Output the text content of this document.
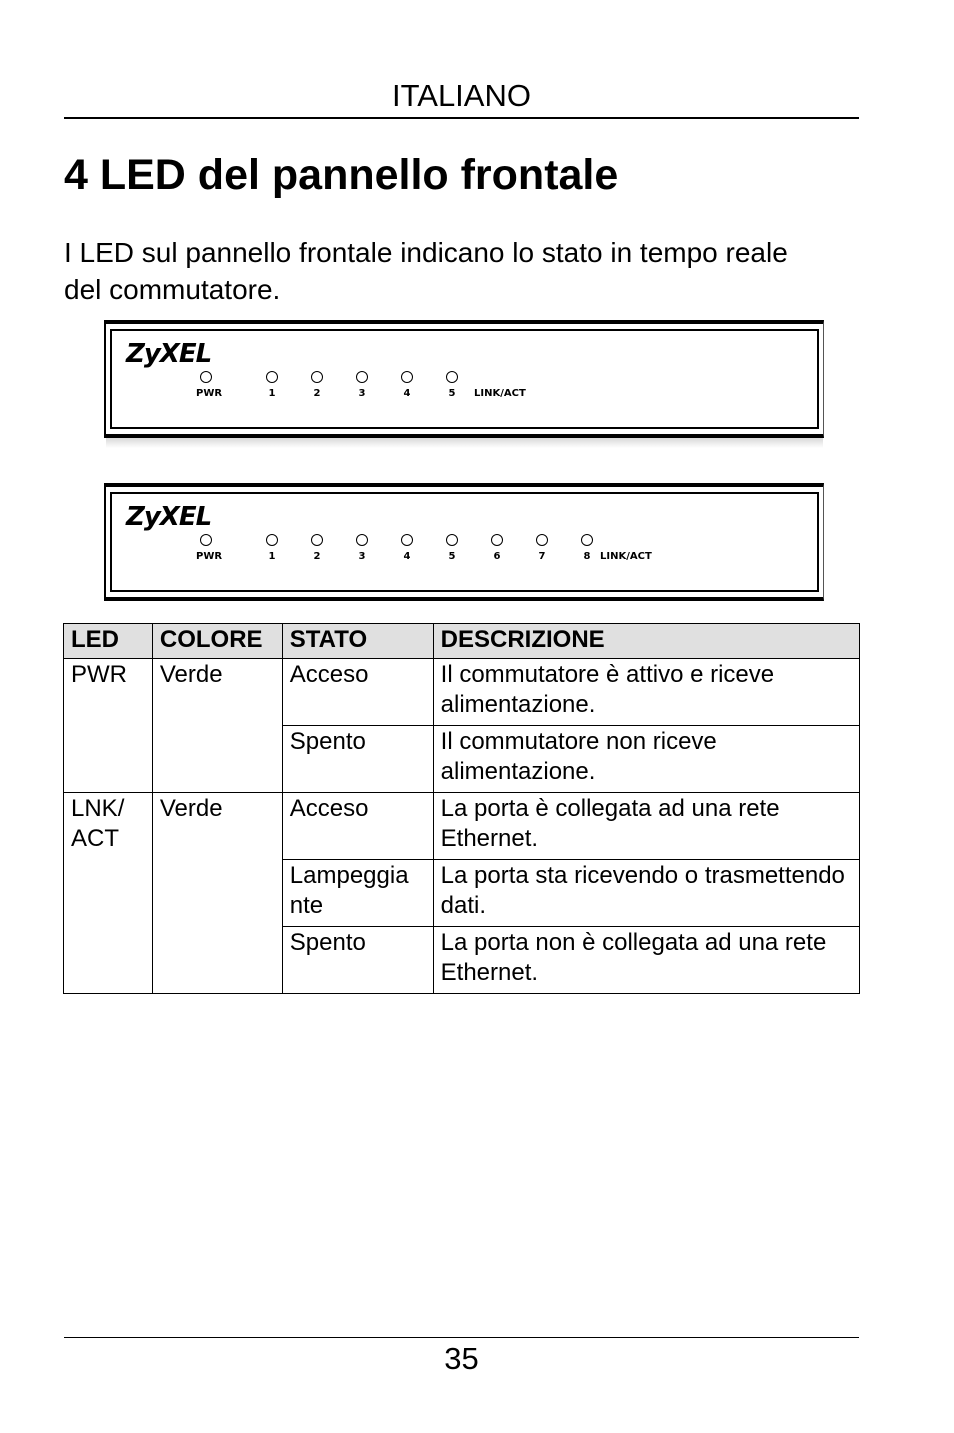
ITALIANO
4 LED del pannello frontale

I LED sul pannello frontale indicano lo stato in tempo reale del commutatore.

ZyXEL
PWR	1	2	3	4	5	LINK/ACT
ZyXEL
PWR	1	2	3	4	5	6	7	8 LINK/ACT
LED	COLORE	STATO	DESCRIZIONE
PWR	Verde	Acceso	Il commutatore è attivo e riceve alimentazione.
		Spento	Il commutatore non riceve alimentazione.
LNK/ ACT	Verde	Acceso	La porta è collegata ad una rete Ethernet.
		Lampeggia nte	La porta sta ricevendo o trasmettendo dati.
		Spento	La porta non è collegata ad una rete Ethernet.
35
